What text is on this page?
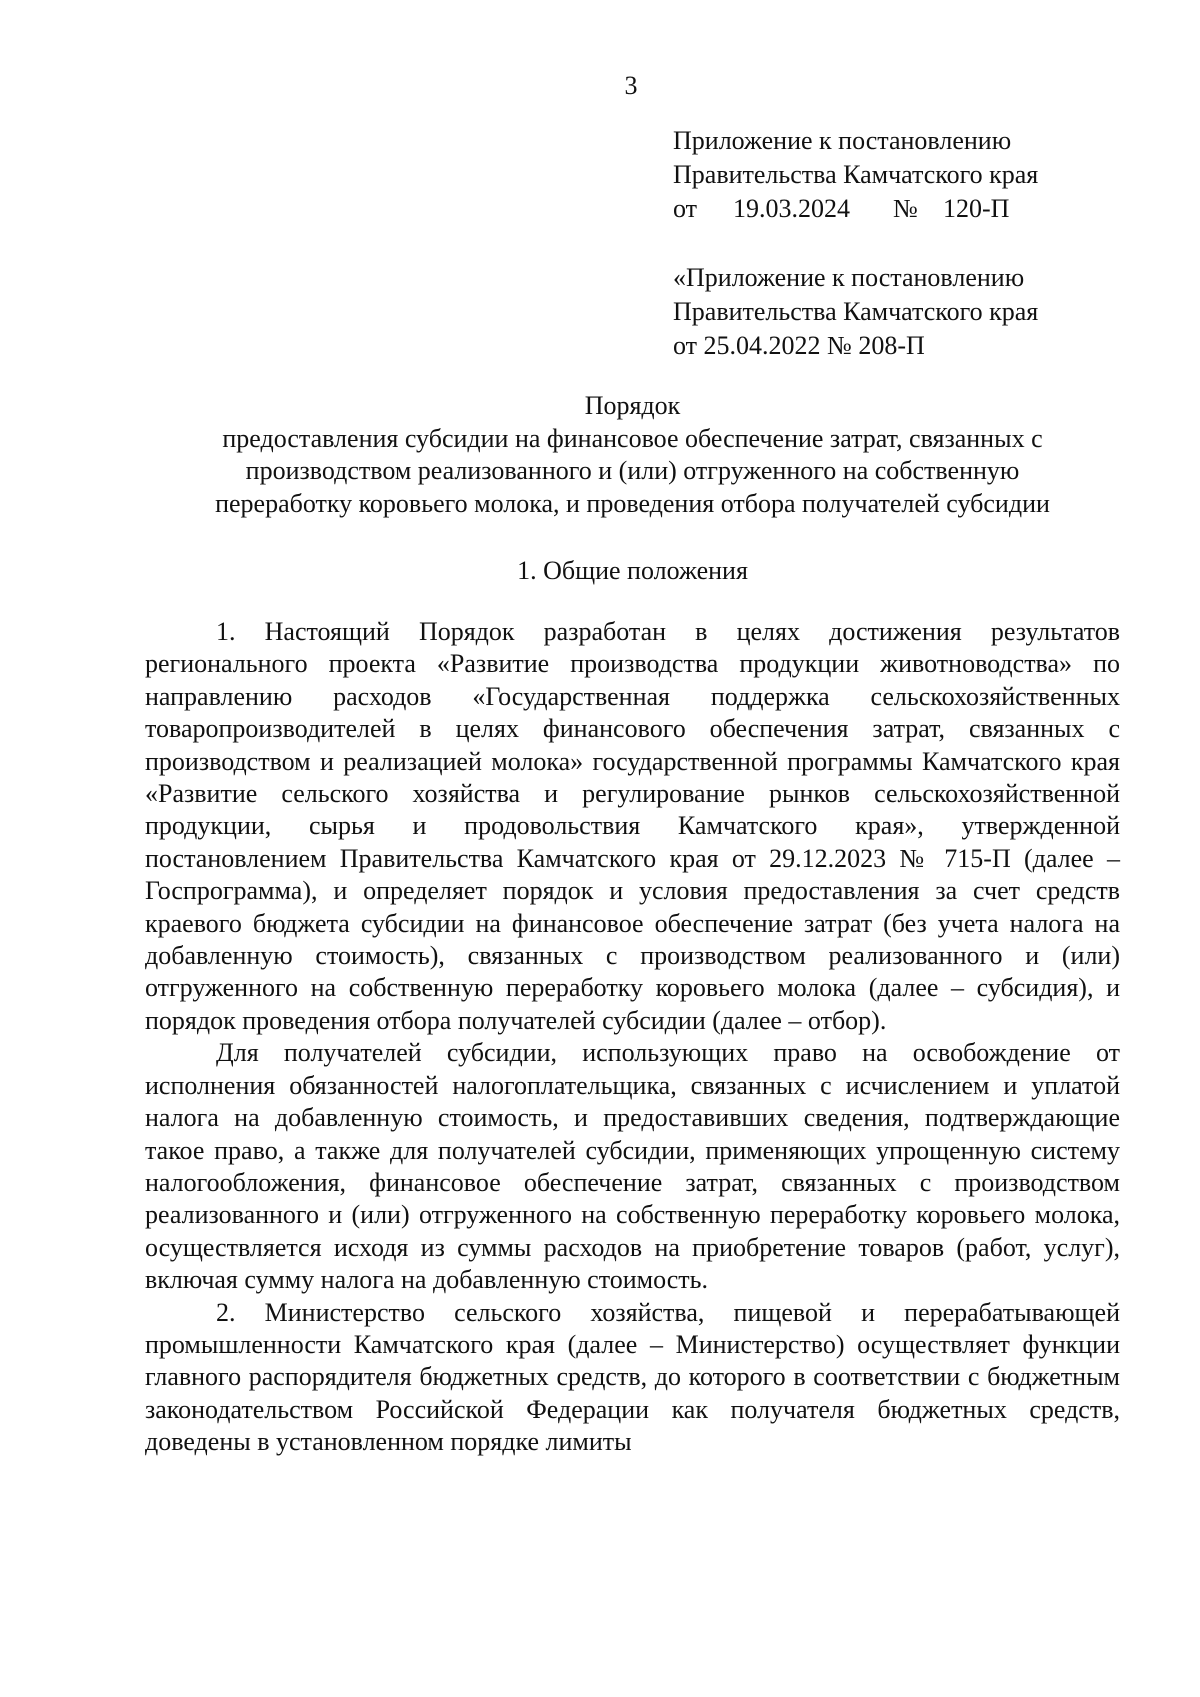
3

Приложение к постановлению

Правительства Камчатского края

от 19.03.2024 № 120-П

«Приложение к постановлению

Правительства Камчатского края

от 25.04.2022 № 208-П

Порядок

предоставления субсидии на финансовое обеспечение затрат, связанных с

производством реализованного и (или) отгруженного на собственную

переработку коровьего молока, и проведения отбора получателей субсидии

1. Общие положения

1. Настоящий Порядок разработан в целях достижения результатов регионального проекта «Развитие производства продукции животноводства» по направлению расходов «Государственная поддержка сельскохозяйственных товаропроизводителей в целях финансового обеспечения затрат, связанных с производством и реализацией молока» государственной программы Камчатского края «Развитие сельского хозяйства и регулирование рынков сельскохозяйственной продукции, сырья и продовольствия Камчатского края», утвержденной постановлением Правительства Камчатского края от 29.12.2023 № 715-П (далее – Госпрограмма), и определяет порядок и условия предоставления за счет средств краевого бюджета субсидии на финансовое обеспечение затрат (без учета налога на добавленную стоимость), связанных с производством реализованного и (или) отгруженного на собственную переработку коровьего молока (далее – субсидия), и порядок проведения отбора получателей субсидии (далее – отбор).

Для получателей субсидии, использующих право на освобождение от исполнения обязанностей налогоплательщика, связанных с исчислением и уплатой налога на добавленную стоимость, и предоставивших сведения, подтверждающие такое право, а также для получателей субсидии, применяющих упрощенную систему налогообложения, финансовое обеспечение затрат, связанных с производством реализованного и (или) отгруженного на собственную переработку коровьего молока, осуществляется исходя из суммы расходов на приобретение товаров (работ, услуг), включая сумму налога на добавленную стоимость.

2. Министерство сельского хозяйства, пищевой и перерабатывающей промышленности Камчатского края (далее – Министерство) осуществляет функции главного распорядителя бюджетных средств, до которого в соответствии с бюджетным законодательством Российской Федерации как получателя бюджетных средств, доведены в установленном порядке лимиты
